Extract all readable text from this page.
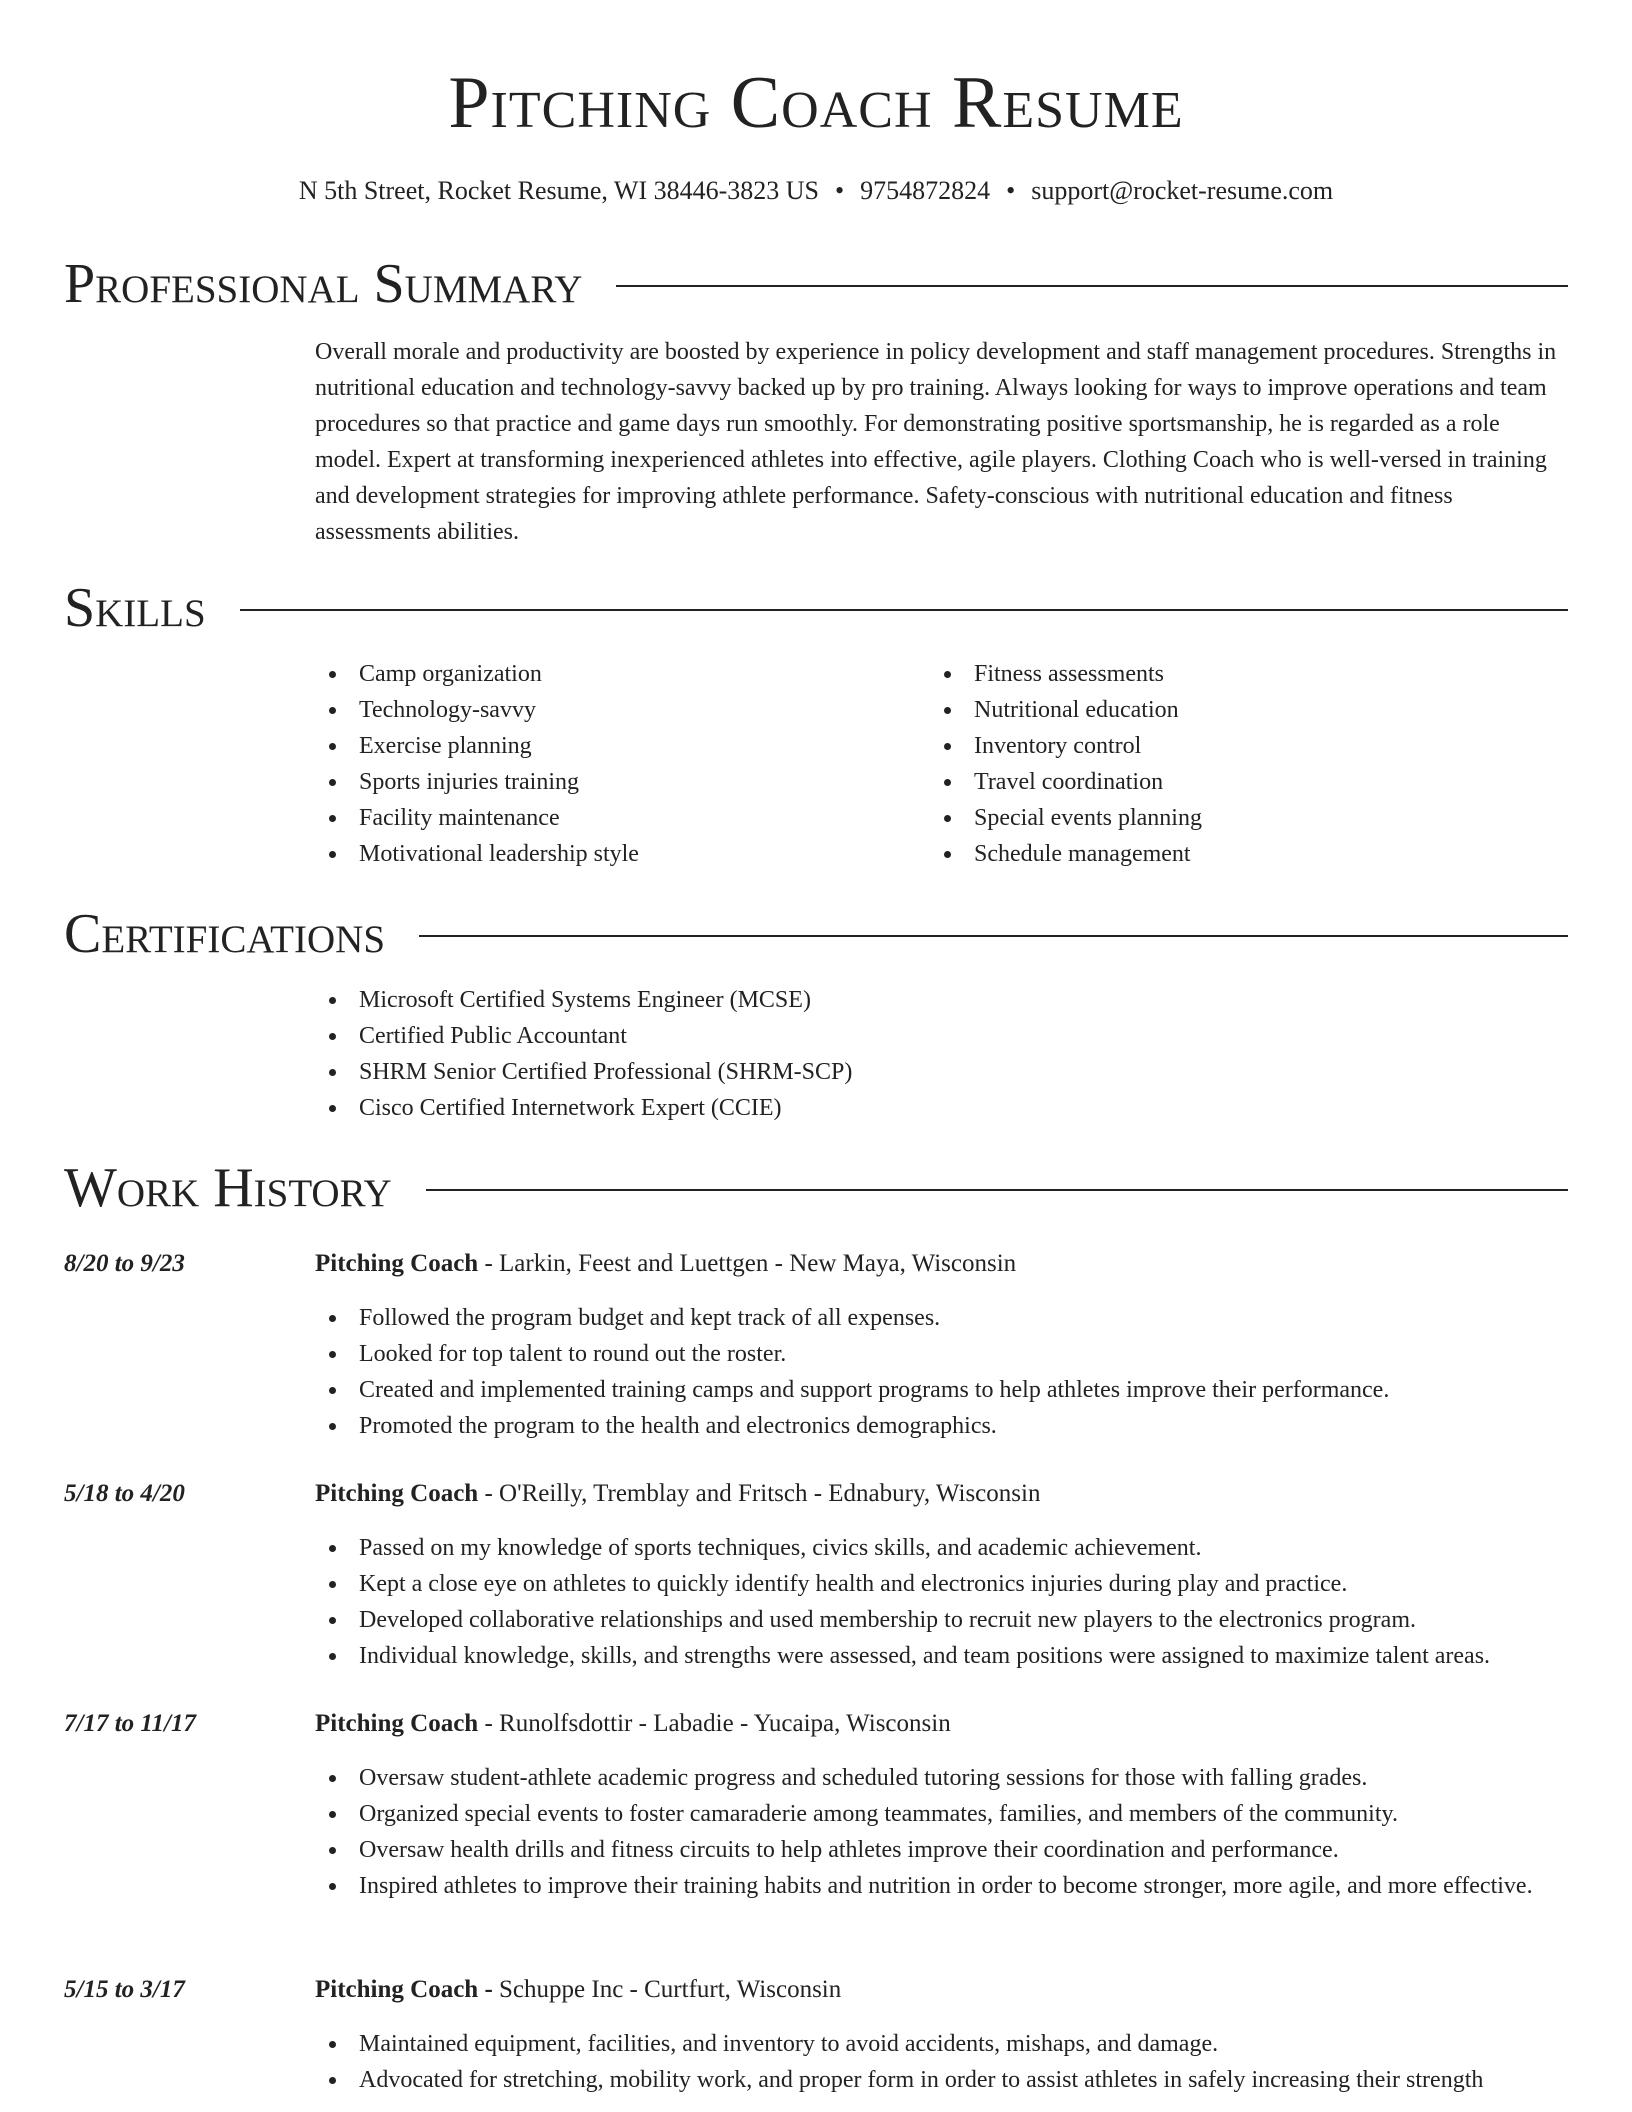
Pitching Coach Resume
N 5th Street, Rocket Resume, WI 38446-3823 US • 9754872824 • support@rocket-resume.com
Professional Summary
Overall morale and productivity are boosted by experience in policy development and staff management procedures. Strengths in nutritional education and technology-savvy backed up by pro training. Always looking for ways to improve operations and team procedures so that practice and game days run smoothly. For demonstrating positive sportsmanship, he is regarded as a role model. Expert at transforming inexperienced athletes into effective, agile players. Clothing Coach who is well-versed in training and development strategies for improving athlete performance. Safety-conscious with nutritional education and fitness assessments abilities.
Skills
Camp organization
Technology-savvy
Exercise planning
Sports injuries training
Facility maintenance
Motivational leadership style
Fitness assessments
Nutritional education
Inventory control
Travel coordination
Special events planning
Schedule management
Certifications
Microsoft Certified Systems Engineer (MCSE)
Certified Public Accountant
SHRM Senior Certified Professional (SHRM-SCP)
Cisco Certified Internetwork Expert (CCIE)
Work History
8/20 to 9/23	Pitching Coach - Larkin, Feest and Luettgen - New Maya, Wisconsin
Followed the program budget and kept track of all expenses.
Looked for top talent to round out the roster.
Created and implemented training camps and support programs to help athletes improve their performance.
Promoted the program to the health and electronics demographics.
5/18 to 4/20	Pitching Coach - O'Reilly, Tremblay and Fritsch - Ednabury, Wisconsin
Passed on my knowledge of sports techniques, civics skills, and academic achievement.
Kept a close eye on athletes to quickly identify health and electronics injuries during play and practice.
Developed collaborative relationships and used membership to recruit new players to the electronics program.
Individual knowledge, skills, and strengths were assessed, and team positions were assigned to maximize talent areas.
7/17 to 11/17	Pitching Coach - Runolfsdottir - Labadie - Yucaipa, Wisconsin
Oversaw student-athlete academic progress and scheduled tutoring sessions for those with falling grades.
Organized special events to foster camaraderie among teammates, families, and members of the community.
Oversaw health drills and fitness circuits to help athletes improve their coordination and performance.
Inspired athletes to improve their training habits and nutrition in order to become stronger, more agile, and more effective.
5/15 to 3/17	Pitching Coach - Schuppe Inc - Curtfurt, Wisconsin
Maintained equipment, facilities, and inventory to avoid accidents, mishaps, and damage.
Advocated for stretching, mobility work, and proper form in order to assist athletes in safely increasing their strength
